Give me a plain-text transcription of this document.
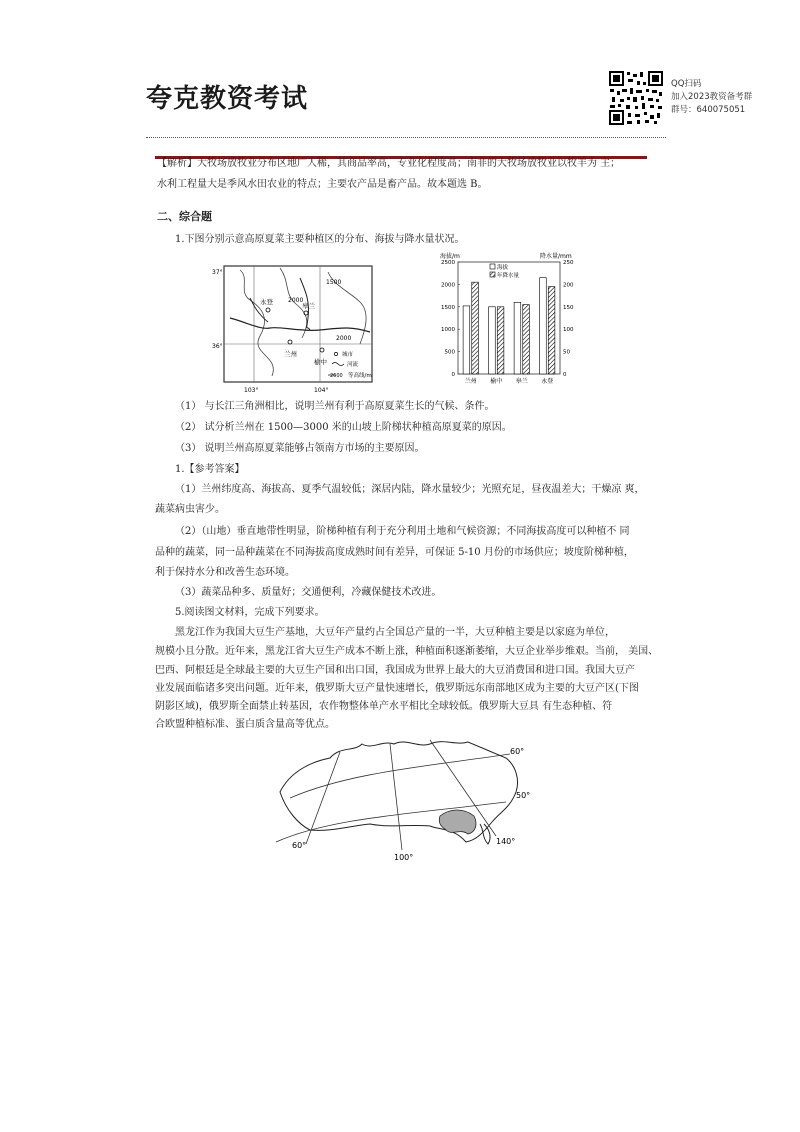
夸克教资考试	QQ扫码
加入2023教资备考群
群号：640075051
【解析】大牧场放牧业分布区地广人稀，其商品率高，专业化程度高；南非的大牧场放牧业以牧羊为 主；
水利工程量大是季风水田农业的特点；主要农产品是畜产品。故本题选 B。
二、综合题
1.下图分别示意高原夏菜主要种植区的分布、海拔与降水量状况。
37°
36°
103°	104°
2000
1500
2000
皋兰
永登
兰州
榆中
城市
河流
2600 等高线/m
海拔/m	降水量/mm
0
500
1000
1500
2000
2500
0
50
100
150
200
250
兰州 榆中 皋兰 永登
海拔
年降水量
（1） 与长江三角洲相比，说明兰州有利于高原夏菜生长的气候、条件。
（2） 试分析兰州在 1500—3000 米的山坡上阶梯状种植高原夏菜的原因。
（3） 说明兰州高原夏菜能够占领南方市场的主要原因。
1.【参考答案】
（1）兰州纬度高、海拔高、夏季气温较低；深居内陆，降水量较少；光照充足，昼夜温差大；干燥凉 爽，
蔬菜病虫害少。
（2）（山地）垂直地带性明显，阶梯种植有利于充分利用土地和气候资源；不同海拔高度可以种植不 同
品种的蔬菜，同一品种蔬菜在不同海拔高度成熟时间有差异，可保证 5-10 月份的市场供应；坡度阶梯种植，
利于保持水分和改善生态环境。
（3）蔬菜品种多、质量好；交通便利，冷藏保健技术改进。
5.阅读图文材料，完成下列要求。
黑龙江作为我国大豆生产基地，大豆年产量约占全国总产量的一半，大豆种植主要是以家庭为单位，
规模小且分散。近年来，黑龙江省大豆生产成本不断上涨，种植面积逐渐萎缩，大豆企业举步维艰。当前， 美国、
巴西、阿根廷是全球最主要的大豆生产国和出口国，我国成为世界上最大的大豆消费国和进口国。我国大豆产
业发展面临诸多突出问题。近年来，俄罗斯大豆产量快速增长，俄罗斯远东南部地区成为主要的大豆产区(下图
阴影区域)，俄罗斯全面禁止转基因，农作物整体单产水平相比全球较低。俄罗斯大豆具 有生态种植、符
合欧盟种植标准、蛋白质含量高等优点。
60°
50°
60°
100°
140°
